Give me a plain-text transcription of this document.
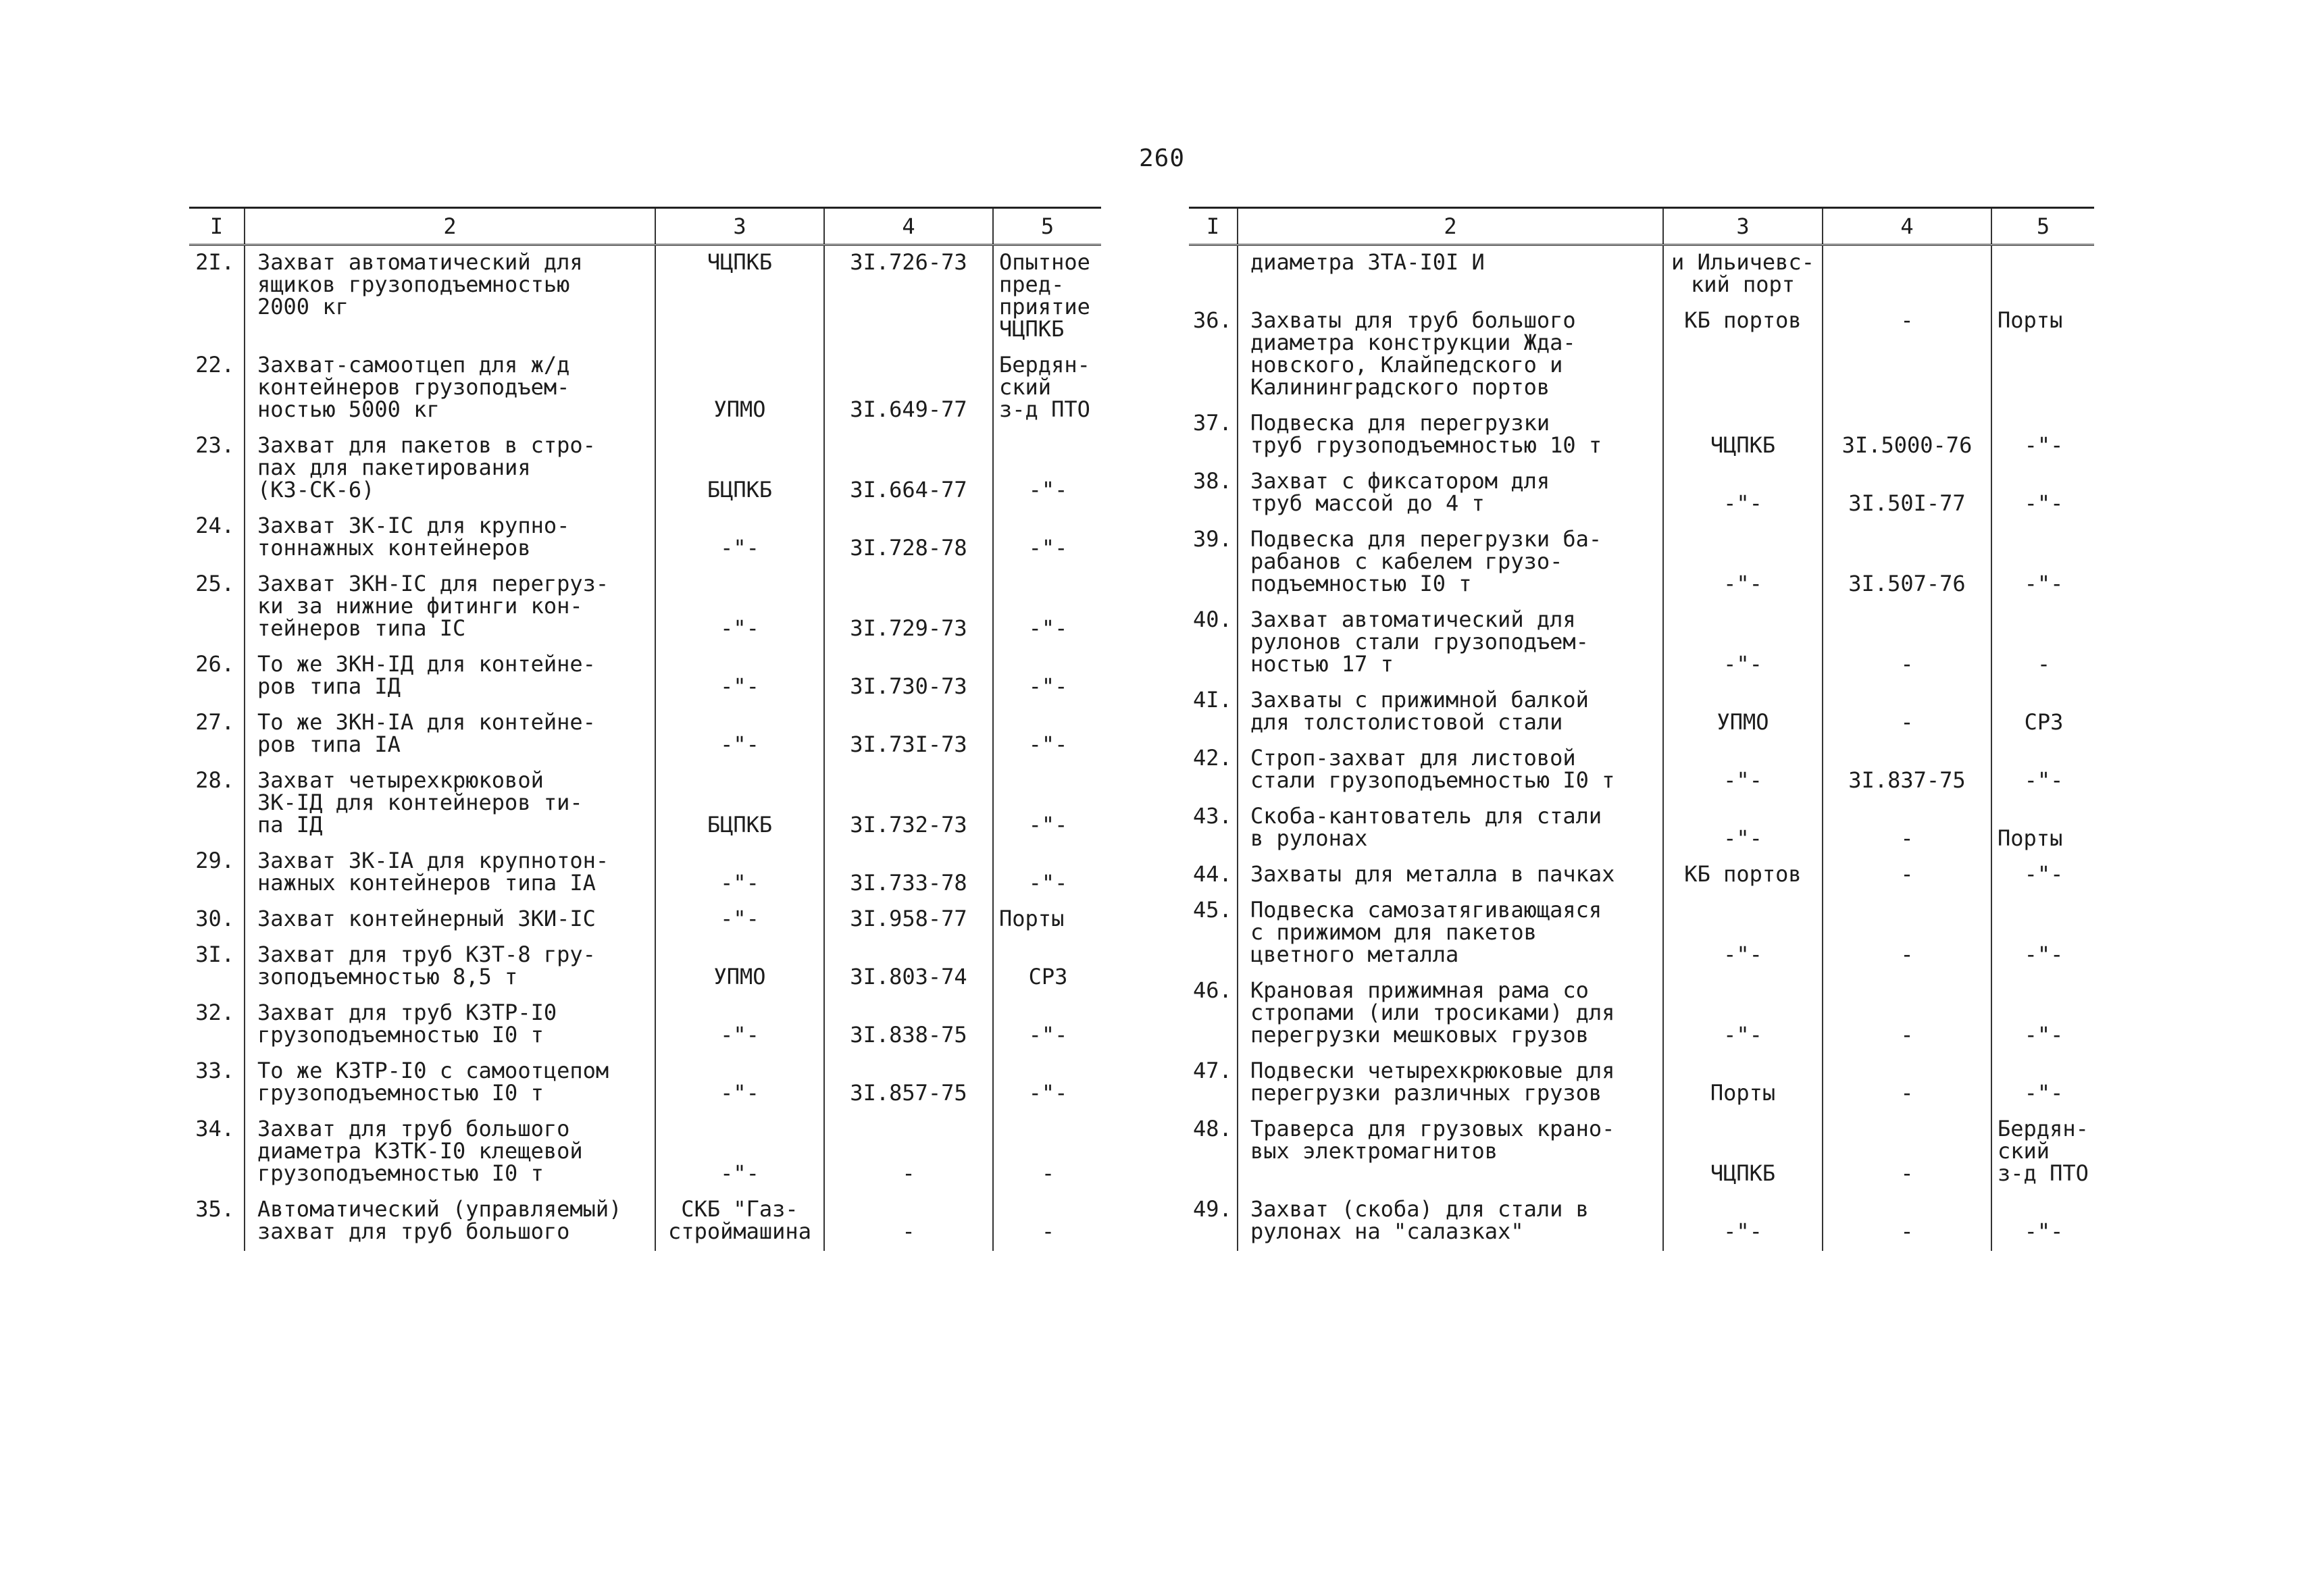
260
I	2	3	4	5
2I.	Захват автоматический для
ящиков грузоподъемностью
2000 кг	ЧЦПКБ	3I.726-73	Опытное
пред-
приятие
ЧЦПКБ
22.	Захват-самоотцеп для ж/д
контейнеров грузоподъем-
ностью 5000 кг	УПМО	3I.649-77	Бердян-
ский
з-д ПТО
23.	Захват для пакетов в стро-
пах для пакетирования
(КЗ-СК-6)	БЦПКБ	3I.664-77	-"-
24.	Захват ЗК-IС для крупно-
тоннажных контейнеров	-"-	3I.728-78	-"-
25.	Захват ЗКН-IС для перегруз-
ки за нижние фитинги кон-
тейнеров типа IС	-"-	3I.729-73	-"-
26.	То же ЗКН-IД для контейне-
ров типа IД	-"-	3I.730-73	-"-
27.	То же ЗКН-IА для контейне-
ров типа IА	-"-	3I.73I-73	-"-
28.	Захват четырехкрюковой
ЗК-IД для контейнеров ти-
па IД	БЦПКБ	3I.732-73	-"-
29.	Захват ЗК-IА для крупнотон-
нажных контейнеров типа IА	-"-	3I.733-78	-"-
30.	Захват контейнерный ЗКИ-IС	-"-	3I.958-77	Порты
3I.	Захват для труб КЗТ-8 гру-
зоподъемностью 8,5 т	УПМО	3I.803-74	СРЗ
32.	Захват для труб КЗТР-I0
грузоподъемностью I0 т	-"-	3I.838-75	-"-
33.	То же КЗТР-I0 с самоотцепом
грузоподъемностью I0 т	-"-	3I.857-75	-"-
34.	Захват для труб большого
диаметра КЗТК-I0 клещевой
грузоподъемностью I0 т	-"-	-	-
35.	Автоматический (управляемый)
захват для труб большого	СКБ "Газ-
строймашина	-	-
I	2	3	4	5
	диаметра ЗТА-I0I И	и Ильичевс-
кий порт		
36.	Захваты для труб большого
диаметра конструкции Жда-
новского, Клайпедского и
Калининградского портов	КБ портов	-	Порты
37.	Подвеска для перегрузки
труб грузоподъемностью 10 т	ЧЦПКБ	3I.5000-76	-"-
38.	Захват с фиксатором для
труб массой до 4 т	-"-	3I.50I-77	-"-
39.	Подвеска для перегрузки ба-
рабанов с кабелем грузо-
подъемностью I0 т	-"-	3I.507-76	-"-
40.	Захват автоматический для
рулонов стали грузоподъем-
ностью 17 т	-"-	-	-
4I.	Захваты с прижимной балкой
для толстолистовой стали	УПМО	-	СРЗ
42.	Строп-захват для листовой
стали грузоподъемностью I0 т	-"-	3I.837-75	-"-
43.	Скоба-кантователь для стали
в рулонах	-"-	-	Порты
44.	Захваты для металла в пачках	КБ портов	-	-"-
45.	Подвеска самозатягивающаяся
с прижимом для пакетов
цветного металла	-"-	-	-"-
46.	Крановая прижимная рама со
стропами (или тросиками) для
перегрузки мешковых грузов	-"-	-	-"-
47.	Подвески четырехкрюковые для
перегрузки различных грузов	Порты	-	-"-
48.	Траверса для грузовых крано-
вых электромагнитов	ЧЦПКБ	-	Бердян-
ский
з-д ПТО
49.	Захват (скоба) для стали в
рулонах на "салазках"	-"-	-	-"-
